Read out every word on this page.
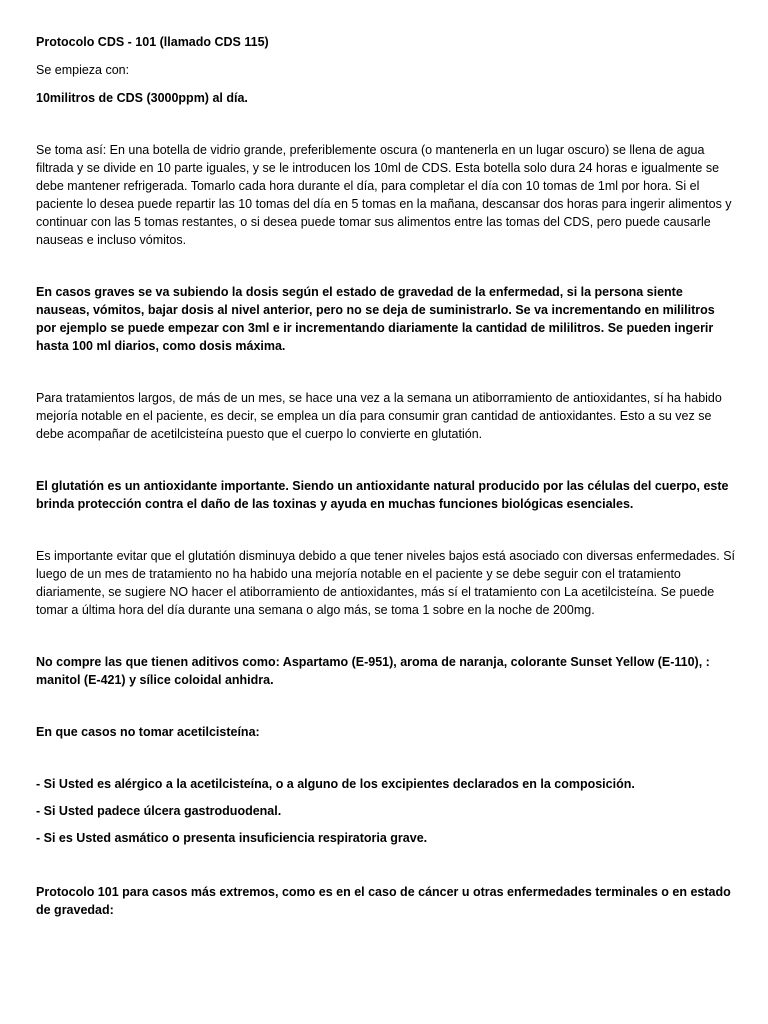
Protocolo CDS - 101 (llamado CDS 115)

Se empieza con:

10militros de CDS (3000ppm) al día.

Se toma así: En una botella de vidrio grande, preferiblemente oscura (o mantenerla en un lugar oscuro) se llena de agua filtrada y se divide en 10 parte iguales, y se le introducen los 10ml de CDS. Esta botella solo dura 24 horas e igualmente se debe mantener refrigerada. Tomarlo cada hora durante el día, para completar el día con 10 tomas de 1ml por hora. Si el paciente lo desea puede repartir las 10 tomas del día en 5 tomas en la mañana, descansar dos horas para ingerir alimentos y continuar con las 5 tomas restantes, o si desea puede tomar sus alimentos entre las tomas del CDS, pero puede causarle nauseas e incluso vómitos.

En casos graves se va subiendo la dosis según el estado de gravedad de la enfermedad, si la persona siente nauseas, vómitos, bajar dosis al nivel anterior, pero no se deja de suministrarlo. Se va incrementando en mililitros por ejemplo se puede empezar con 3ml e ir incrementando diariamente la cantidad de mililitros. Se pueden ingerir hasta 100 ml diarios, como dosis máxima.

Para tratamientos largos, de más de un mes, se hace una vez a la semana un atiborramiento de antioxidantes, sí ha habido mejoría notable en el paciente, es decir, se emplea un día para consumir gran cantidad de antioxidantes. Esto a su vez se debe acompañar de acetilcisteína puesto que el cuerpo lo convierte en glutatión.

El glutatión es un antioxidante importante. Siendo un antioxidante natural producido por las células del cuerpo, este brinda protección contra el daño de las toxinas y ayuda en muchas funciones biológicas esenciales.

Es importante evitar que el glutatión disminuya debido a que tener niveles bajos está asociado con diversas enfermedades. Sí luego de un mes de tratamiento no ha habido una mejoría notable en el paciente y se debe seguir con el tratamiento diariamente, se sugiere NO hacer el atiborramiento de antioxidantes, más sí el tratamiento con La acetilcisteína. Se puede tomar a última hora del día durante una semana o algo más, se toma 1 sobre en la noche de 200mg.

No compre las que tienen aditivos como: Aspartamo (E-951), aroma de naranja, colorante Sunset Yellow (E-110), : manitol (E-421) y sílice coloidal anhidra.

En que casos no tomar acetilcisteína:

- Si Usted es alérgico a la acetilcisteína, o a alguno de los excipientes declarados en la composición.

- Si Usted padece úlcera gastroduodenal.

- Si es Usted asmático o presenta insuficiencia respiratoria grave.

Protocolo 101 para casos más extremos, como es en el caso de cáncer u otras enfermedades terminales o en estado de gravedad:
